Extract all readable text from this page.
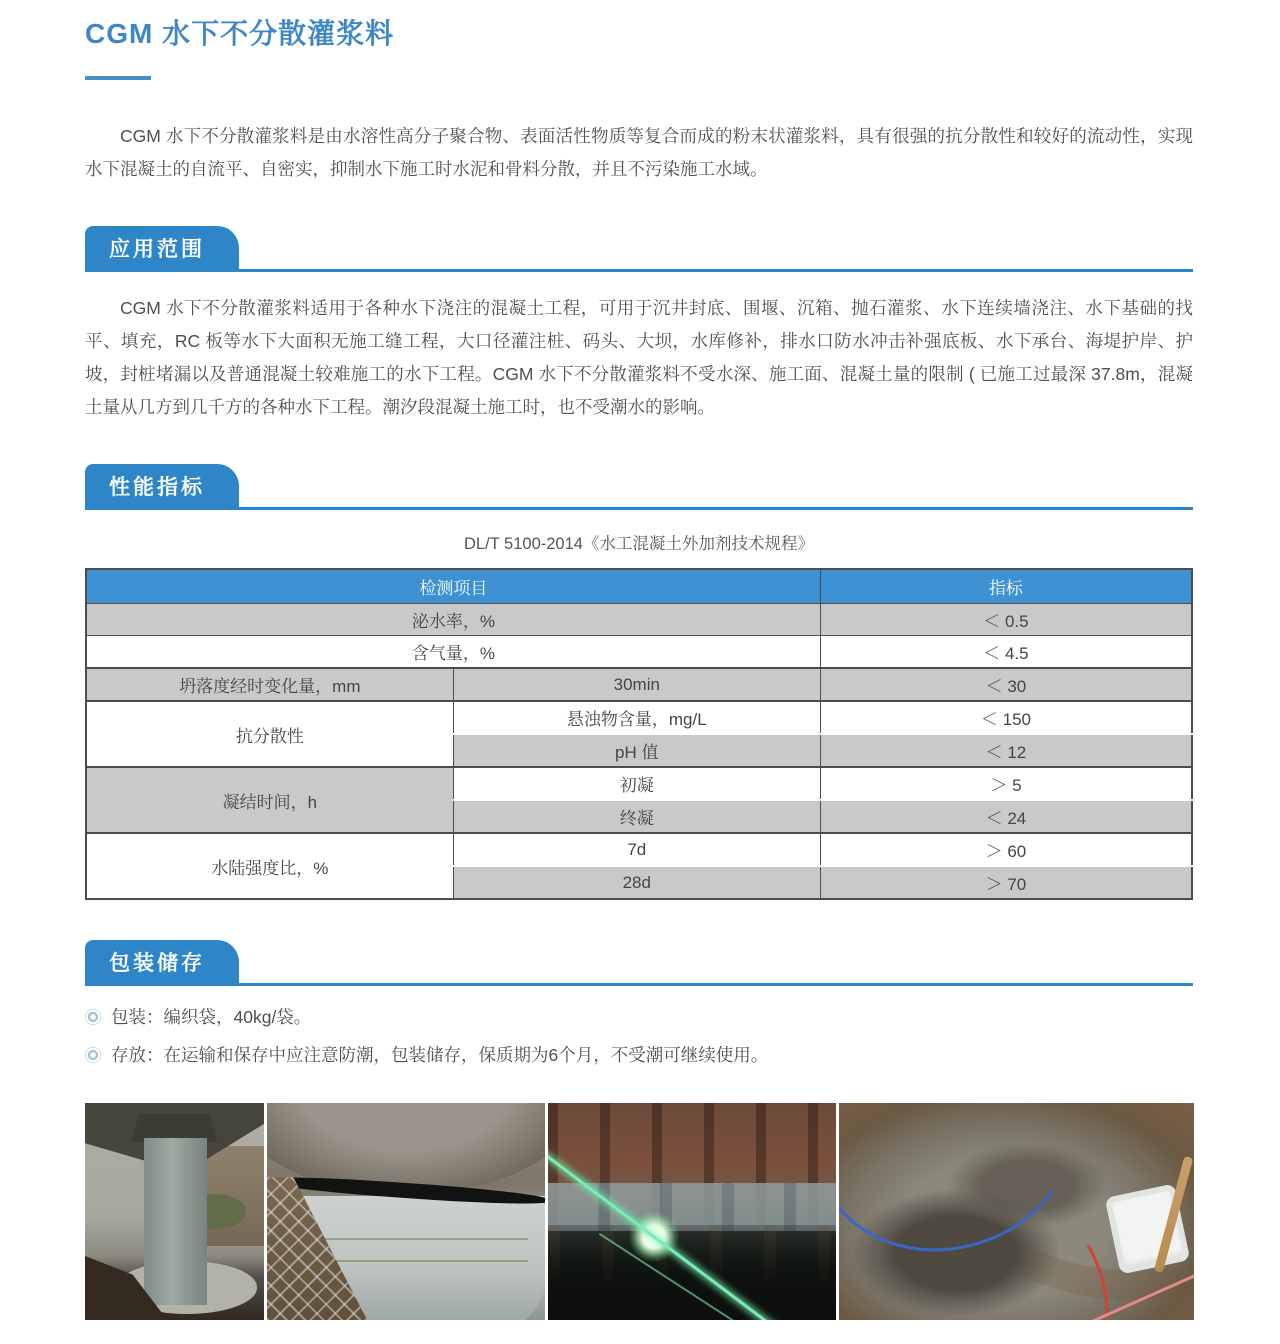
CGM 水下不分散灌浆料
CGM 水下不分散灌浆料是由水溶性高分子聚合物、表面活性物质等复合而成的粉末状灌浆料，具有很强的抗分散性和较好的流动性，实现水下混凝土的自流平、自密实，抑制水下施工时水泥和骨料分散，并且不污染施工水域。
应用范围
CGM 水下不分散灌浆料适用于各种水下浇注的混凝土工程，可用于沉井封底、围堰、沉箱、抛石灌浆、水下连续墙浇注、水下基础的找平、填充，RC 板等水下大面积无施工缝工程，大口径灌注桩、码头、大坝，水库修补，排水口防水冲击补强底板、水下承台、海堤护岸、护坡，封桩堵漏以及普通混凝土较难施工的水下工程。CGM 水下不分散灌浆料不受水深、施工面、混凝土量的限制 ( 已施工过最深 37.8m，混凝土量从几方到几千方的各种水下工程。潮汐段混凝土施工时，也不受潮水的影响。
性能指标
DL/T 5100-2014《水工混凝土外加剂技术规程》
检测项目		指标
泌水率，%		＜ 0.5
含气量，%		＜ 4.5
坍落度经时变化量，mm	30min	＜ 30
抗分散性	悬浊物含量，mg/L	＜ 150
	pH 值	＜ 12
凝结时间，h	初凝	＞ 5
	终凝	＜ 24
水陆强度比，%	7d	＞ 60
	28d	＞ 70
包装储存
包装：编织袋，40kg/袋。
存放：在运输和保存中应注意防潮，包装储存，保质期为6个月，不受潮可继续使用。
